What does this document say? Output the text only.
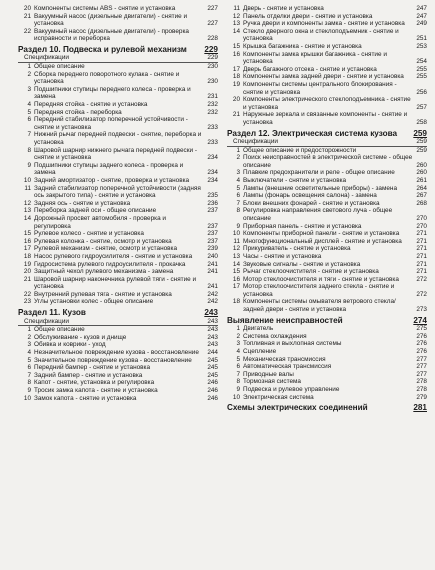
20 Компоненты системы ABS - снятие и установка	227
21 Вакуумный насос (дизельные двигатели) - снятие и установка	227
22 Вакуумный насос (дизельные двигатели) - проверка исправности и переборка	228
Раздел 10. Подвеска и рулевой механизм	229
Спецификации	229
1 Общее описание	230
2 Сборка переднего поворотного кулака - снятие и установка	230
3 Подшипники ступицы переднего колеса - проверка и замена	231
4 Передняя стойка - снятие и установка	232
5 Передняя стойка - переборка	232
6 Передний стабилизатор поперечной устойчивости - снятие и установка	233
7 Нижний рычаг передней подвески - снятие, переборка и установка	233
8 Шаровой шарнир нижнего рычага передней подвески - снятие и установка	234
9 Подшипники ступицы заднего колеса - проверка и замена	234
10 Задний амортизатор - снятие, проверка и установка	234
11 Задний стабилизатор поперечной устойчивости (задняя ось закрытого типа) - снятие и установка	235
12 Задняя ось - снятие и установка	236
13 Переборка задней оси - общее описание	237
14 Дорожный просвет автомобиля - проверка и регулировка	237
15 Рулевое колесо - снятие и установка	237
16 Рулевая колонка - снятие, осмотр и установка	237
17 Рулевой механизм - снятие, осмотр и установка	239
18 Насос рулевого гидроусилителя - снятие и установка	240
19 Гидросистема рулевого гидроусилителя - прокачка	241
20 Защитный чехол рулевого механизма - замена	241
21 Шаровой шарнир наконечника рулевой тяги - снятие и установка	241
22 Внутренний рулевая тяга - снятие и установка	242
23 Углы установки колес - общее описание	242
Раздел 11. Кузов	243
Спецификации	243
1 Общее описание	243
2 Обслуживание - кузов и днище	243
3 Обивка и коврики - уход	243
4 Незначительное повреждение кузова - восстановление	244
5 Значительное повреждение кузова - восстановление	245
6 Передний бампер - снятие и установка	245
7 Задний бампер - снятие и установка	245
8 Капот - снятие, установка и регулировка	246
9 Тросик замка капота - снятие и установка	246
10 Замок капота - снятие и установка	246
11 Дверь - снятие и установка	247
12 Панель отделки двери - снятие и установка	247
13 Ручка двери и компоненты замка - снятие и установка	249
14 Стекло дверного окна и стеклоподъемник - снятие и установка	251
15 Крышка багажника - снятие и установка	253
16 Компоненты замка крышки багажника - снятие и установка	254
17 Дверь багажного отсека - снятие и установка	255
18 Компоненты замка задней двери - снятие и установка	255
19 Компоненты системы центрального блокирования - снятие и установка	256
20 Компоненты электрического стеклоподъемника - снятие и установка	257
21 Наружные зеркала и связанные компоненты - снятие и установка	258
Раздел 12. Электрическая система кузова	259
Спецификации	259
1 Общее описание и предосторожности	259
2 Поиск неисправностей в электрической системе - общее описание	260
3 Плавкие предохранители и реле - общее описание	260
4 Выключатели - снятие и установка	261
5 Лампы (внешние осветительные приборы) - замена	264
6 Лампы (фонарь освещения салона) - замена	267
7 Блоки внешних фонарей - снятие и установка	268
8 Регулировка направления светового луча - общее описание	270
9 Приборная панель - снятие и установка	270
10 Компоненты приборной панели - снятие и установка	271
11 Многофункциональный дисплей - снятие и установка	271
12 Прикуриватель - снятие и установка	271
13 Часы - снятие и установка	271
14 Звуковые сигналы - снятие и установка	271
15 Рычаг стеклоочистителя - снятие и установка	271
16 Мотор стеклоочистителя и тяги - снятие и установка	272
17 Мотор стеклоочистителя заднего стекла - снятие и установка	272
18 Компоненты системы омывателя ветрового стекла/задней двери - снятие и установка	273
Выявление неисправностей	274
1 Двигатель	275
2 Система охлаждения	276
3 Топливная и выхлопная системы	276
4 Сцепление	276
5 Механическая трансмиссия	277
6 Автоматическая трансмиссия	277
7 Приводные валы	277
8 Тормозная система	278
9 Подвеска и рулевое управление	278
10 Электрическая система	279
Схемы электрических соединений	281
